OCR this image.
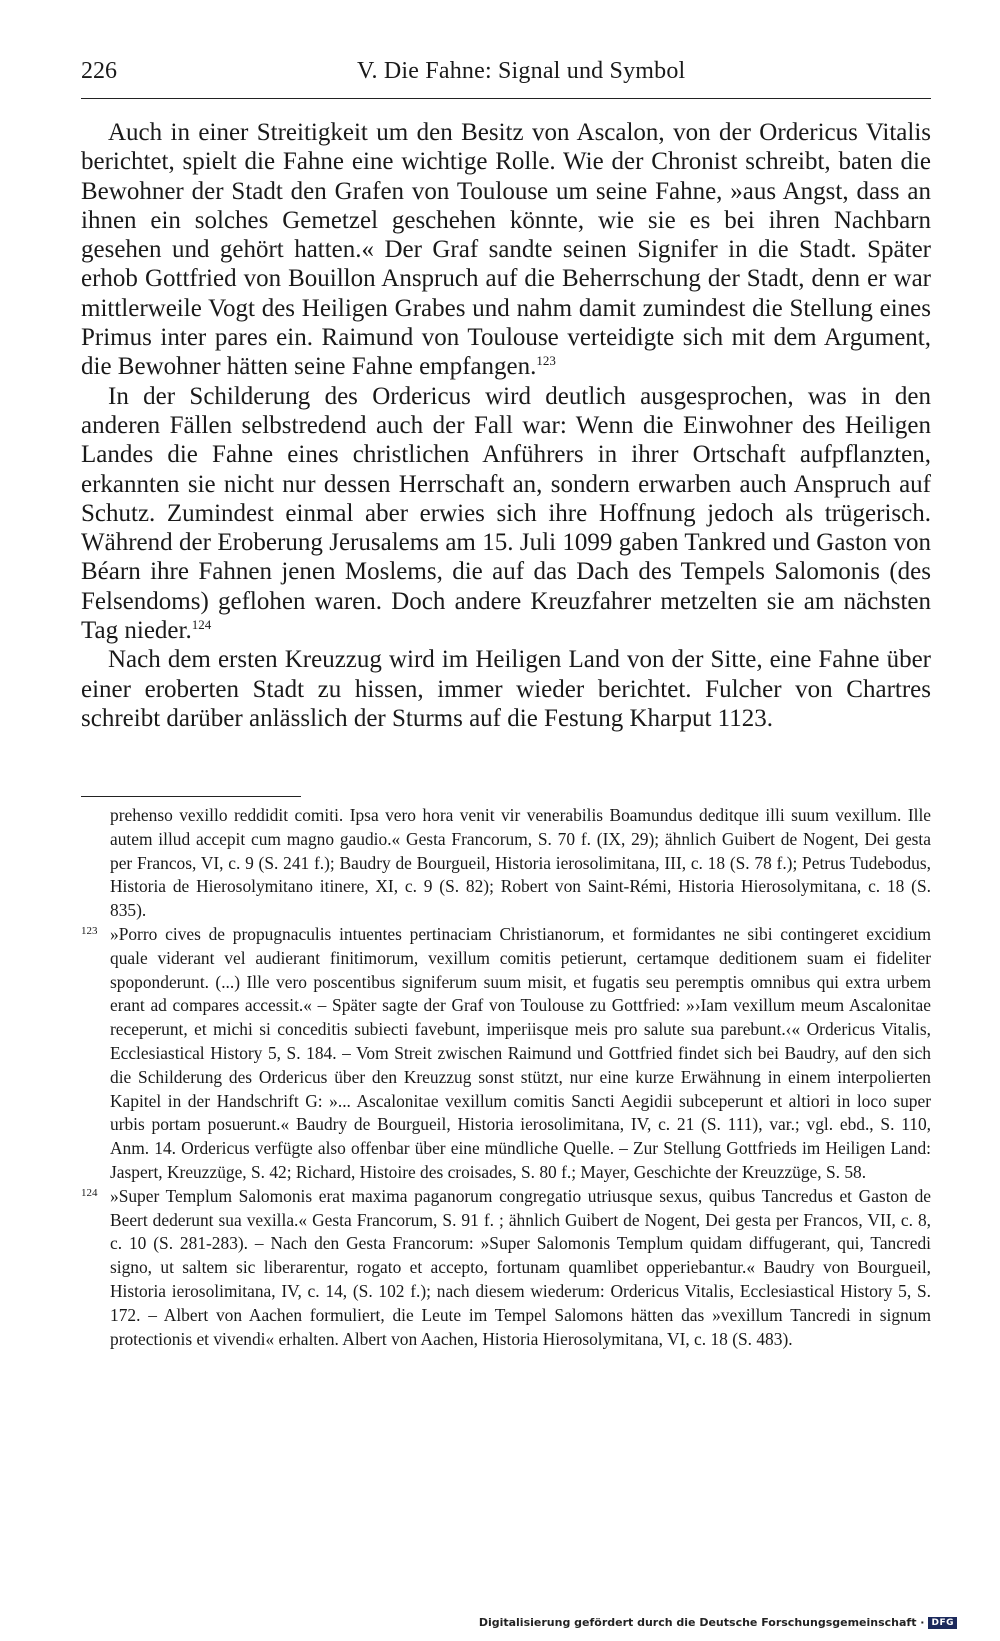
226	V. Die Fahne: Signal und Symbol

Auch in einer Streitigkeit um den Besitz von Ascalon, von der Ordericus Vitalis berichtet, spielt die Fahne eine wichtige Rolle. Wie der Chronist schreibt, baten die Bewohner der Stadt den Grafen von Toulouse um seine Fahne, »aus Angst, dass an ihnen ein solches Gemetzel geschehen könnte, wie sie es bei ihren Nachbarn gesehen und gehört hatten.« Der Graf sandte seinen Signifer in die Stadt. Später erhob Gottfried von Bouillon Anspruch auf die Beherrschung der Stadt, denn er war mittlerweile Vogt des Heiligen Grabes und nahm damit zumindest die Stellung eines Primus inter pares ein. Raimund von Toulouse verteidigte sich mit dem Argument, die Bewohner hätten seine Fahne empfangen.$^{123}$

In der Schilderung des Ordericus wird deutlich ausgesprochen, was in den anderen Fällen selbstredend auch der Fall war: Wenn die Einwohner des Heiligen Landes die Fahne eines christlichen Anführers in ihrer Ortschaft aufpflanzten, erkannten sie nicht nur dessen Herrschaft an, sondern erwarben auch Anspruch auf Schutz. Zumindest einmal aber erwies sich ihre Hoffnung jedoch als trügerisch. Während der Eroberung Jerusalems am 15. Juli 1099 gaben Tankred und Gaston von Béarn ihre Fahnen jenen Moslems, die auf das Dach des Tempels Salomonis (des Felsendoms) geflohen waren. Doch andere Kreuzfahrer metzelten sie am nächsten Tag nieder.$^{124}$

Nach dem ersten Kreuzzug wird im Heiligen Land von der Sitte, eine Fahne über einer eroberten Stadt zu hissen, immer wieder berichtet. Fulcher von Chartres schreibt darüber anlässlich der Sturms auf die Festung Kharput 1123.

prehenso vexillo reddidit comiti. Ipsa vero hora venit vir venerabilis Boamundus deditque illi suum vexillum. Ille autem illud accepit cum magno gaudio.« Gesta Francorum, S. 70 f. (IX, 29); ähnlich Guibert de Nogent, Dei gesta per Francos, VI, c. 9 (S. 241 f.); Baudry de Bourgueil, Historia ierosolimitana, III, c. 18 (S. 78 f.); Petrus Tudebodus, Historia de Hierosolymitano itinere, XI, c. 9 (S. 82); Robert von Saint-Rémi, Historia Hierosolymitana, c. 18 (S. 835).

123 »Porro cives de propugnaculis intuentes pertinaciam Christianorum, et formidantes ne sibi contingeret excidium quale viderant vel audierant finitimorum, vexillum comitis petierunt, certamque deditionem suam ei fideliter spoponderunt. (...) Ille vero poscentibus signiferum suum misit, et fugatis seu peremptis omnibus qui extra urbem erant ad compares accessit.« – Später sagte der Graf von Toulouse zu Gottfried: »›Iam vexillum meum Ascalonitae receperunt, et michi si conceditis subiecti favebunt, imperiisque meis pro salute sua parebunt.‹« Ordericus Vitalis, Ecclesiastical History 5, S. 184. – Vom Streit zwischen Raimund und Gottfried findet sich bei Baudry, auf den sich die Schilderung des Ordericus über den Kreuzzug sonst stützt, nur eine kurze Erwähnung in einem interpolierten Kapitel in der Handschrift G: »... Ascalonitae vexillum comitis Sancti Aegidii subceperunt et altiori in loco super urbis portam posuerunt.« Baudry de Bourgueil, Historia ierosolimitana, IV, c. 21 (S. 111), var.; vgl. ebd., S. 110, Anm. 14. Ordericus verfügte also offenbar über eine mündliche Quelle. – Zur Stellung Gottfrieds im Heiligen Land: Jaspert, Kreuzzüge, S. 42; Richard, Histoire des croisades, S. 80 f.; Mayer, Geschichte der Kreuzzüge, S. 58.

124 »Super Templum Salomonis erat maxima paganorum congregatio utriusque sexus, quibus Tancredus et Gaston de Beert dederunt sua vexilla.« Gesta Francorum, S. 91 f. ; ähnlich Guibert de Nogent, Dei gesta per Francos, VII, c. 8, c. 10 (S. 281-283). – Nach den Gesta Francorum: »Super Salomonis Templum quidam diffugerant, qui, Tancredi signo, ut saltem sic liberarentur, rogato et accepto, fortunam quamlibet opperiebantur.« Baudry von Bourgueil, Historia ierosolimitana, IV, c. 14, (S. 102 f.); nach diesem wiederum: Ordericus Vitalis, Ecclesiastical History 5, S. 172. – Albert von Aachen formuliert, die Leute im Tempel Salomons hätten das »vexillum Tancredi in signum protectionis et vivendi« erhalten. Albert von Aachen, Historia Hierosolymitana, VI, c. 18 (S. 483).

Digitalisierung gefördert durch die Deutsche Forschungsgemeinschaft · DFG
